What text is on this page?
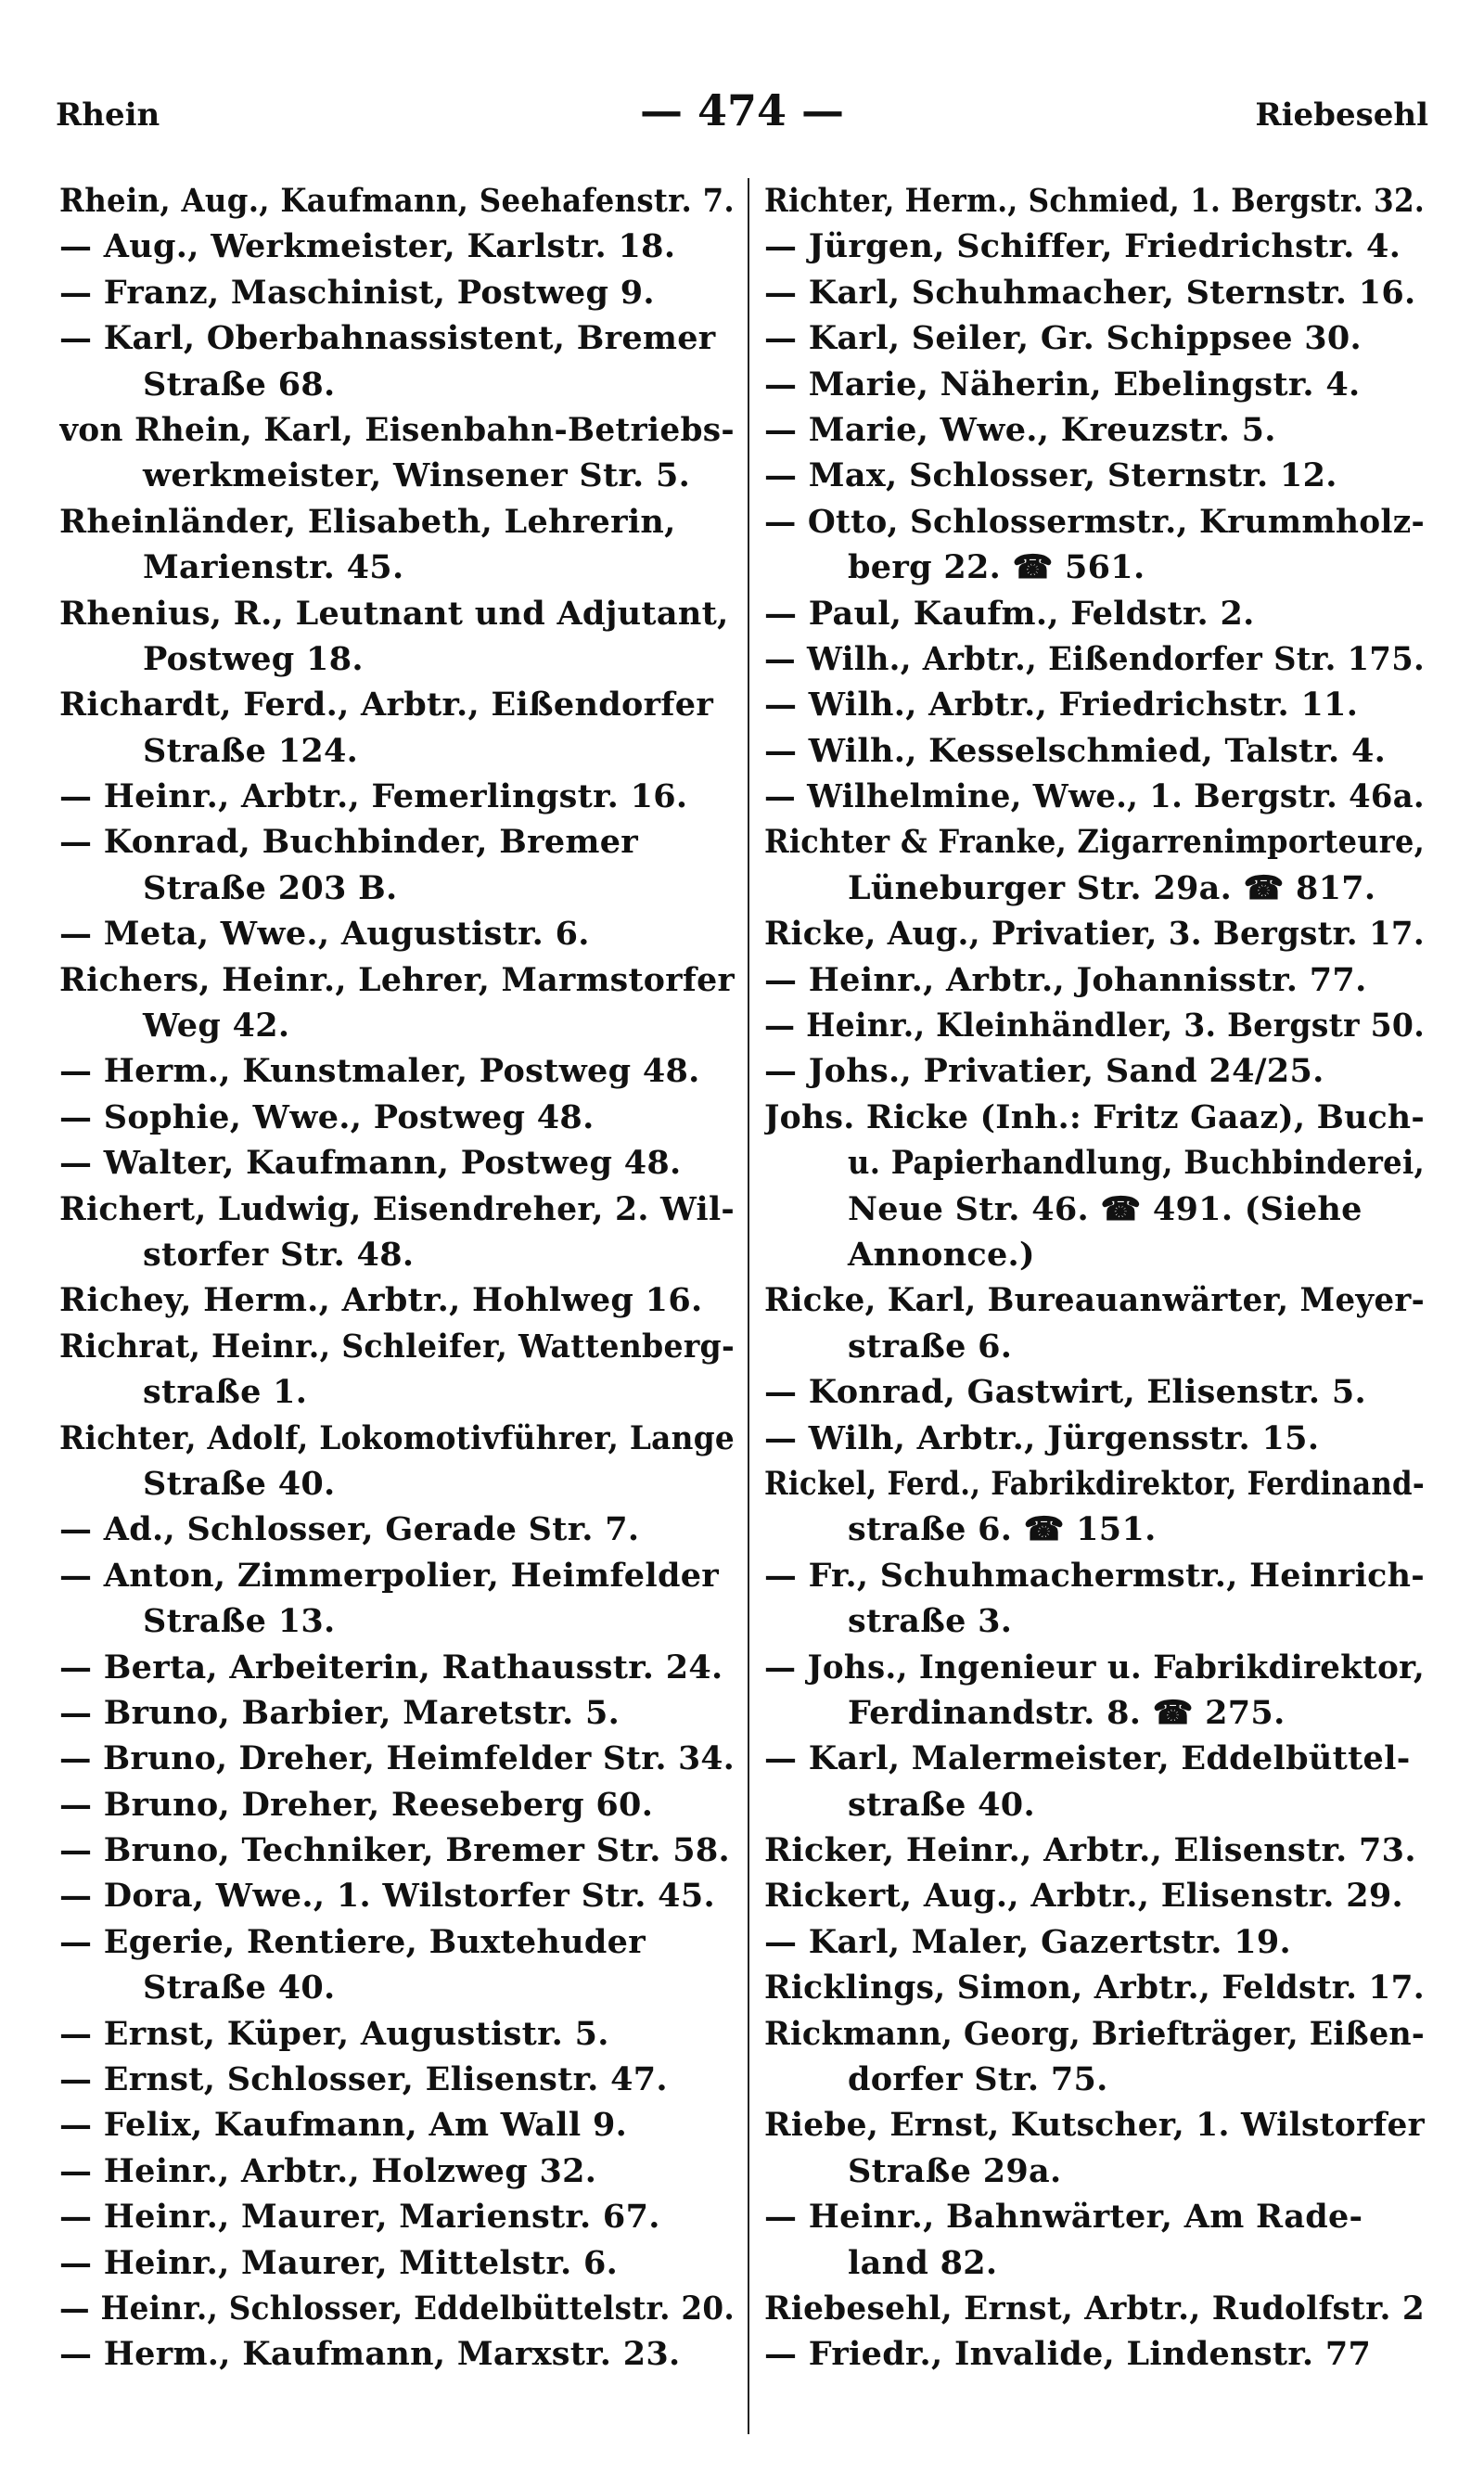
Rhein	— 474 —	Riebesehl
Rhein, Aug., Kaufmann, Seehafenstr. 7.
— Aug., Werkmeister, Karlstr. 18.
— Franz, Maschinist, Postweg 9.
— Karl, Oberbahnassistent, Bremer
Straße 68.
von Rhein, Karl, Eisenbahn-Betriebs-
werkmeister, Winsener Str. 5.
Rheinländer, Elisabeth, Lehrerin,
Marienstr. 45.
Rhenius, R., Leutnant und Adjutant,
Postweg 18.
Richardt, Ferd., Arbtr., Eißendorfer
Straße 124.
— Heinr., Arbtr., Femerlingstr. 16.
— Konrad, Buchbinder, Bremer
Straße 203 B.
— Meta, Wwe., Augustistr. 6.
Richers, Heinr., Lehrer, Marmstorfer
Weg 42.
— Herm., Kunstmaler, Postweg 48.
— Sophie, Wwe., Postweg 48.
— Walter, Kaufmann, Postweg 48.
Richert, Ludwig, Eisendreher, 2. Wil-
storfer Str. 48.
Richey, Herm., Arbtr., Hohlweg 16.
Richrat, Heinr., Schleifer, Wattenberg-
straße 1.
Richter, Adolf, Lokomotivführer, Lange
Straße 40.
— Ad., Schlosser, Gerade Str. 7.
— Anton, Zimmerpolier, Heimfelder
Straße 13.
— Berta, Arbeiterin, Rathausstr. 24.
— Bruno, Barbier, Maretstr. 5.
— Bruno, Dreher, Heimfelder Str. 34.
— Bruno, Dreher, Reeseberg 60.
— Bruno, Techniker, Bremer Str. 58.
— Dora, Wwe., 1. Wilstorfer Str. 45.
— Egerie, Rentiere, Buxtehuder
Straße 40.
— Ernst, Küper, Augustistr. 5.
— Ernst, Schlosser, Elisenstr. 47.
— Felix, Kaufmann, Am Wall 9.
— Heinr., Arbtr., Holzweg 32.
— Heinr., Maurer, Marienstr. 67.
— Heinr., Maurer, Mittelstr. 6.
— Heinr., Schlosser, Eddelbüttelstr. 20.
— Herm., Kaufmann, Marxstr. 23.
Richter, Herm., Schmied, 1. Bergstr. 32.
— Jürgen, Schiffer, Friedrichstr. 4.
— Karl, Schuhmacher, Sternstr. 16.
— Karl, Seiler, Gr. Schippsee 30.
— Marie, Näherin, Ebelingstr. 4.
— Marie, Wwe., Kreuzstr. 5.
— Max, Schlosser, Sternstr. 12.
— Otto, Schlossermstr., Krummholz-
berg 22. ☎ 561.
— Paul, Kaufm., Feldstr. 2.
— Wilh., Arbtr., Eißendorfer Str. 175.
— Wilh., Arbtr., Friedrichstr. 11.
— Wilh., Kesselschmied, Talstr. 4.
— Wilhelmine, Wwe., 1. Bergstr. 46a.
Richter & Franke, Zigarrenimporteure,
Lüneburger Str. 29a. ☎ 817.
Ricke, Aug., Privatier, 3. Bergstr. 17.
— Heinr., Arbtr., Johannisstr. 77.
— Heinr., Kleinhändler, 3. Bergstr 50.
— Johs., Privatier, Sand 24/25.
Johs. Ricke (Inh.: Fritz Gaaz), Buch-
u. Papierhandlung, Buchbinderei,
Neue Str. 46. ☎ 491. (Siehe
Annonce.)
Ricke, Karl, Bureauanwärter, Meyer-
straße 6.
— Konrad, Gastwirt, Elisenstr. 5.
— Wilh, Arbtr., Jürgensstr. 15.
Rickel, Ferd., Fabrikdirektor, Ferdinand-
straße 6. ☎ 151.
— Fr., Schuhmachermstr., Heinrich-
straße 3.
— Johs., Ingenieur u. Fabrikdirektor,
Ferdinandstr. 8. ☎ 275.
— Karl, Malermeister, Eddelbüttel-
straße 40.
Ricker, Heinr., Arbtr., Elisenstr. 73.
Rickert, Aug., Arbtr., Elisenstr. 29.
— Karl, Maler, Gazertstr. 19.
Ricklings, Simon, Arbtr., Feldstr. 17.
Rickmann, Georg, Briefträger, Eißen-
dorfer Str. 75.
Riebe, Ernst, Kutscher, 1. Wilstorfer
Straße 29a.
— Heinr., Bahnwärter, Am Rade-
land 82.
Riebesehl, Ernst, Arbtr., Rudolfstr. 2
— Friedr., Invalide, Lindenstr. 77
